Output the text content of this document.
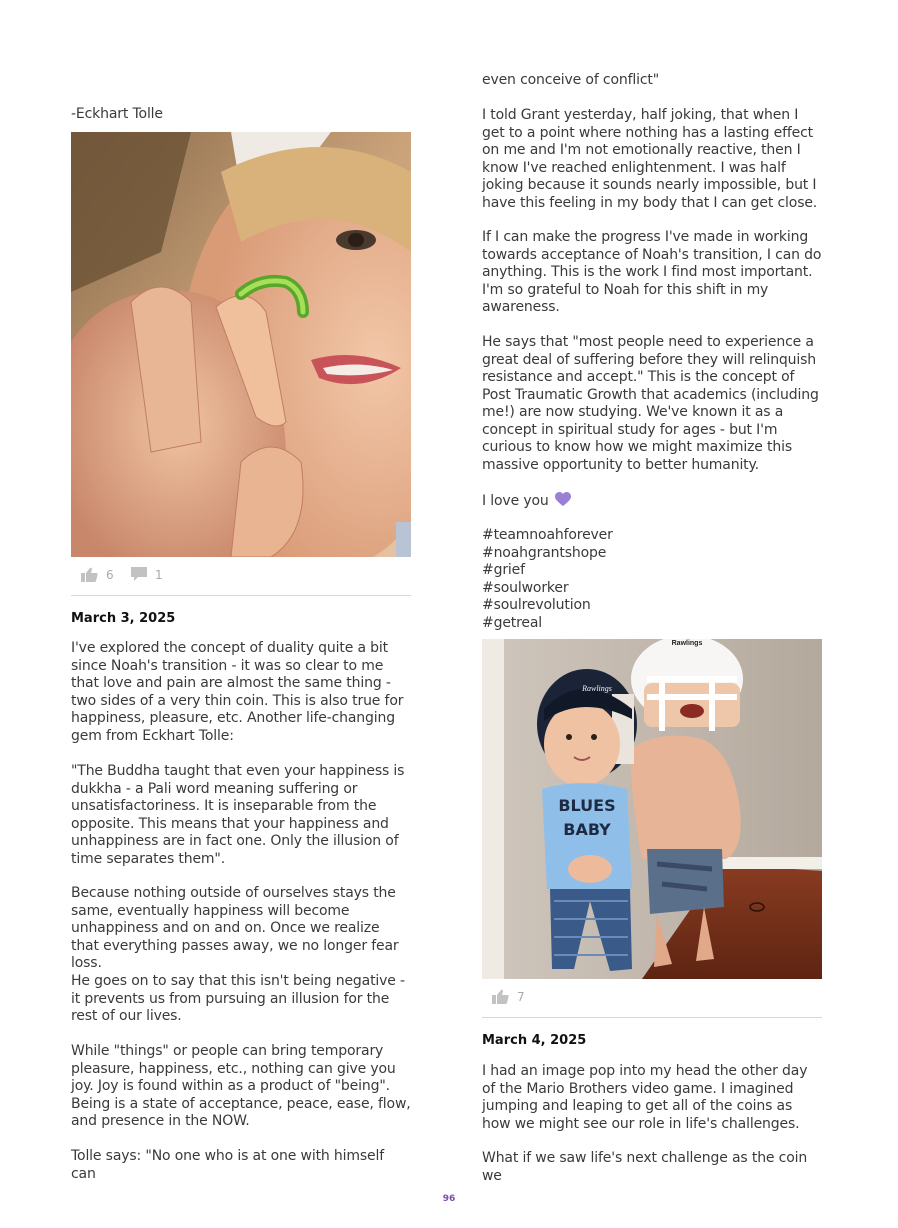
-Eckhart Tolle

6	1

March 3, 2025

I've explored the concept of duality quite a bit since Noah's transition - it was so clear to me that love and pain are almost the same thing - two sides of a very thin coin. This is also true for happiness, pleasure, etc. Another life-changing gem from Eckhart Tolle:

"The Buddha taught that even your happiness is dukkha - a Pali word meaning suffering or unsatisfactoriness. It is inseparable from the opposite. This means that your happiness and unhappiness are in fact one. Only the illusion of time separates them".

Because nothing outside of ourselves stays the same, eventually happiness will become unhappiness and on and on. Once we realize that everything passes away, we no longer fear loss.

He goes on to say that this isn't being negative - it prevents us from pursuing an illusion for the rest of our lives.

While "things" or people can bring temporary pleasure, happiness, etc., nothing can give you joy. Joy is found within as a product of "being". Being is a state of acceptance, peace, ease, flow, and presence in the NOW.

Tolle says: "No one who is at one with himself can

even conceive of conflict"

I told Grant yesterday, half joking, that when I get to a point where nothing has a lasting effect on me and I'm not emotionally reactive, then I know I've reached enlightenment. I was half joking because it sounds nearly impossible, but I have this feeling in my body that I can get close.

If I can make the progress I've made in working towards acceptance of Noah's transition, I can do anything. This is the work I find most important. I'm so grateful to Noah for this shift in my awareness.

He says that "most people need to experience a great deal of suffering before they will relinquish resistance and accept." This is the concept of Post Traumatic Growth that academics (including me!) are now studying. We've known it as a concept in spiritual study for ages - but I'm curious to know how we might maximize this massive opportunity to better humanity.

I love you

#teamnoahforever

#noahgrantshope

#grief

#soulworker

#soulrevolution

#getreal

Rawlings
Rawlings
BLUES
BABY
7

March 4, 2025

I had an image pop into my head the other day of the Mario Brothers video game. I imagined jumping and leaping to get all of the coins as how we might see our role in life's challenges.

What if we saw life's next challenge as the coin we

96
